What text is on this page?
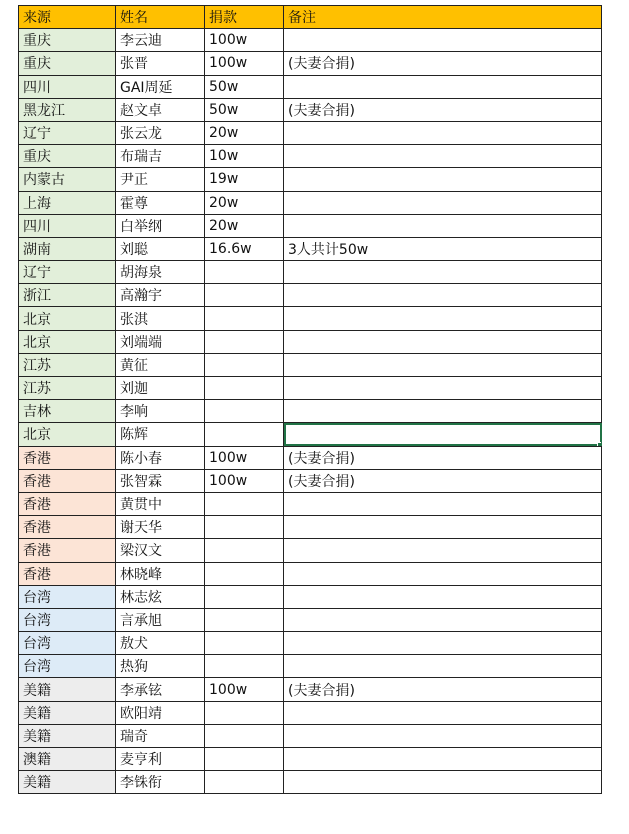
来源	姓名	捐款	备注
重庆	李云迪	100w	
重庆	张晋	100w	(夫妻合捐)
四川	GAI周延	50w	
黑龙江	赵文卓	50w	(夫妻合捐)
辽宁	张云龙	20w	
重庆	布瑞吉	10w	
内蒙古	尹正	19w	
上海	霍尊	20w	
四川	白举纲	20w	
湖南	刘聪	16.6w	3人共计50w
辽宁	胡海泉		
浙江	高瀚宇		
北京	张淇		
北京	刘端端		
江苏	黄征		
江苏	刘迦		
吉林	李响		
北京	陈辉		
香港	陈小春	100w	(夫妻合捐)
香港	张智霖	100w	(夫妻合捐)
香港	黄贯中		
香港	谢天华		
香港	梁汉文		
香港	林晓峰		
台湾	林志炫		
台湾	言承旭		
台湾	敖犬		
台湾	热狗		
美籍	李承铉	100w	(夫妻合捐)
美籍	欧阳靖		
美籍	瑞奇		
澳籍	麦亨利		
美籍	李铢衔		
